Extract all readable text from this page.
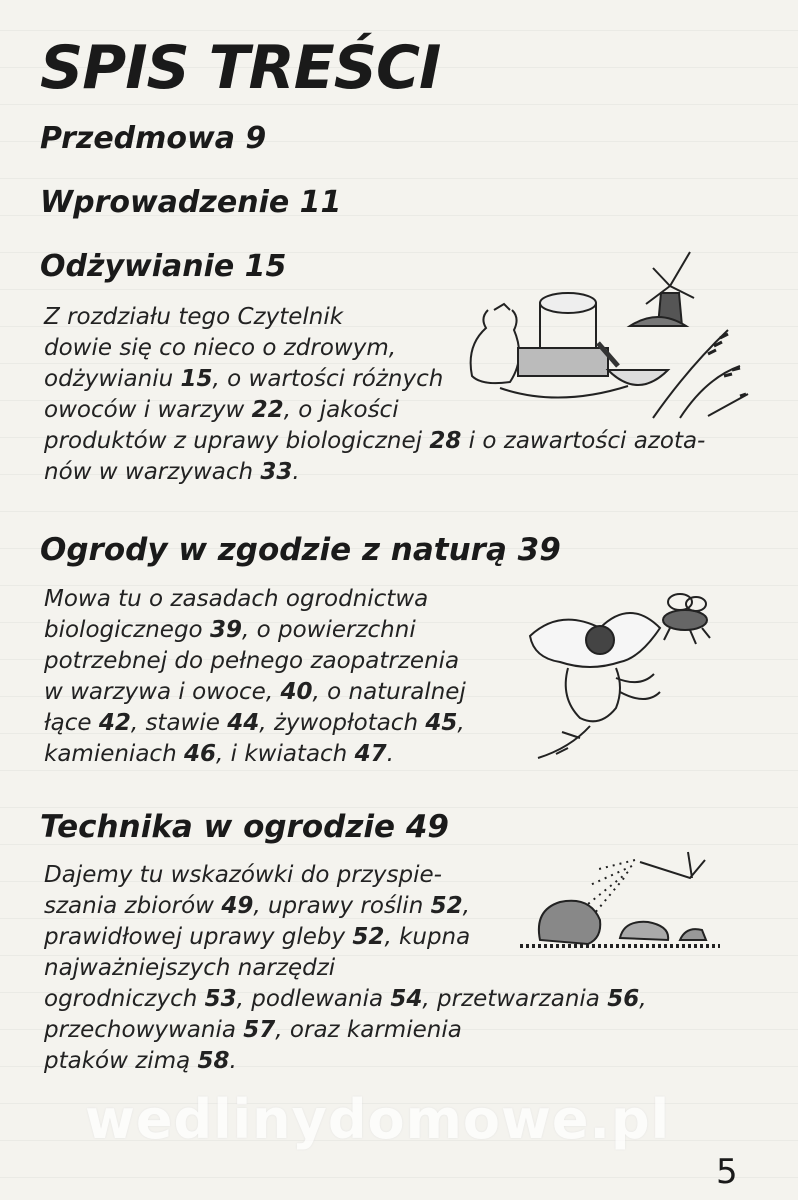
SPIS TREŚCI
Przedmowa 9
Wprowadzenie 11
Odżywianie 15
Z rozdziału tego Czytelnik
dowie się co nieco o zdrowym,
odżywianiu 15, o wartości różnych
owoców i warzyw 22, o jakości
produktów z uprawy biologicznej 28 i o zawartości azota-
nów w warzywach 33.
Ogrody w zgodzie z naturą 39
Mowa tu o zasadach ogrodnictwa
biologicznego 39, o powierzchni
potrzebnej do pełnego zaopatrzenia
w warzywa i owoce, 40, o naturalnej
łące 42, stawie 44, żywopłotach 45,
kamieniach 46, i kwiatach 47.
Technika w ogrodzie 49
Dajemy tu wskazówki do przyspie-
szania zbiorów 49, uprawy roślin 52,
prawidłowej uprawy gleby 52, kupna
najważniejszych narzędzi
ogrodniczych 53, podlewania 54, przetwarzania 56,
przechowywania 57, oraz karmienia
ptaków zimą 58.
wedlinydomowe.pl
5
